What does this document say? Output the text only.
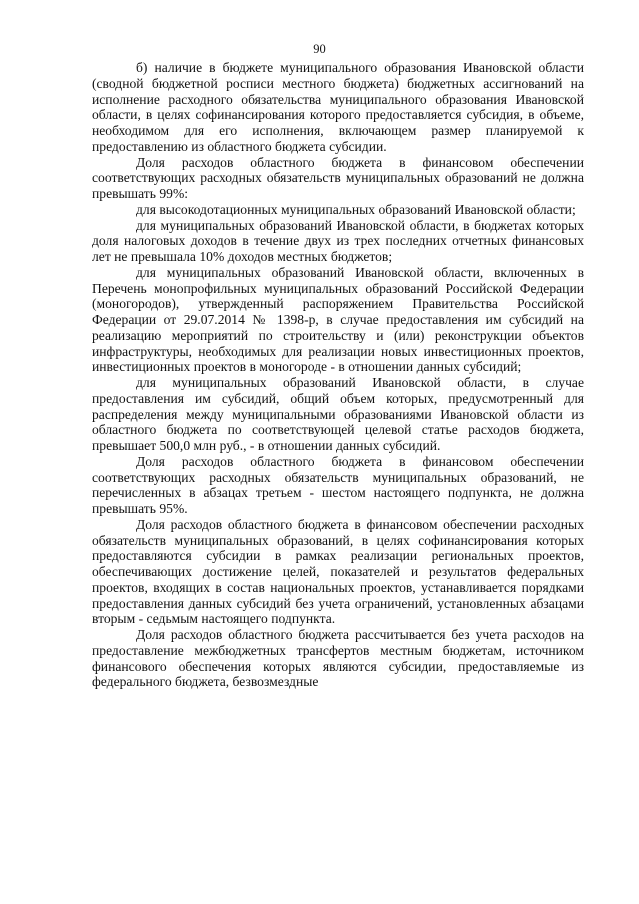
90

б) наличие в бюджете муниципального образования Ивановской области (сводной бюджетной росписи местного бюджета) бюджетных ассигнований на исполнение расходного обязательства муниципального образования Ивановской области, в целях софинансирования которого предоставляется субсидия, в объеме, необходимом для его исполнения, включающем размер планируемой к предоставлению из областного бюджета субсидии.

Доля расходов областного бюджета в финансовом обеспечении соответствующих расходных обязательств муниципальных образований не должна превышать 99%:

для высокодотационных муниципальных образований Ивановской области;

для муниципальных образований Ивановской области, в бюджетах которых доля налоговых доходов в течение двух из трех последних отчетных финансовых лет не превышала 10% доходов местных бюджетов;

для муниципальных образований Ивановской области, включенных в Перечень монопрофильных муниципальных образований Российской Федерации (моногородов), утвержденный распоряжением Правительства Российской Федерации от 29.07.2014 № 1398-р, в случае предоставления им субсидий на реализацию мероприятий по строительству и (или) реконструкции объектов инфраструктуры, необходимых для реализации новых инвестиционных проектов, инвестиционных проектов в моногороде - в отношении данных субсидий;

для муниципальных образований Ивановской области, в случае предоставления им субсидий, общий объем которых, предусмотренный для распределения между муниципальными образованиями Ивановской области из областного бюджета по соответствующей целевой статье расходов бюджета, превышает 500,0 млн руб., - в отношении данных субсидий.

Доля расходов областного бюджета в финансовом обеспечении соответствующих расходных обязательств муниципальных образований, не перечисленных в абзацах третьем - шестом настоящего подпункта, не должна превышать 95%.

Доля расходов областного бюджета в финансовом обеспечении расходных обязательств муниципальных образований, в целях софинансирования которых предоставляются субсидии в рамках реализации региональных проектов, обеспечивающих достижение целей, показателей и результатов федеральных проектов, входящих в состав национальных проектов, устанавливается порядками предоставления данных субсидий без учета ограничений, установленных абзацами вторым - седьмым настоящего подпункта.

Доля расходов областного бюджета рассчитывается без учета расходов на предоставление межбюджетных трансфертов местным бюджетам, источником финансового обеспечения которых являются субсидии, предоставляемые из федерального бюджета, безвозмездные
